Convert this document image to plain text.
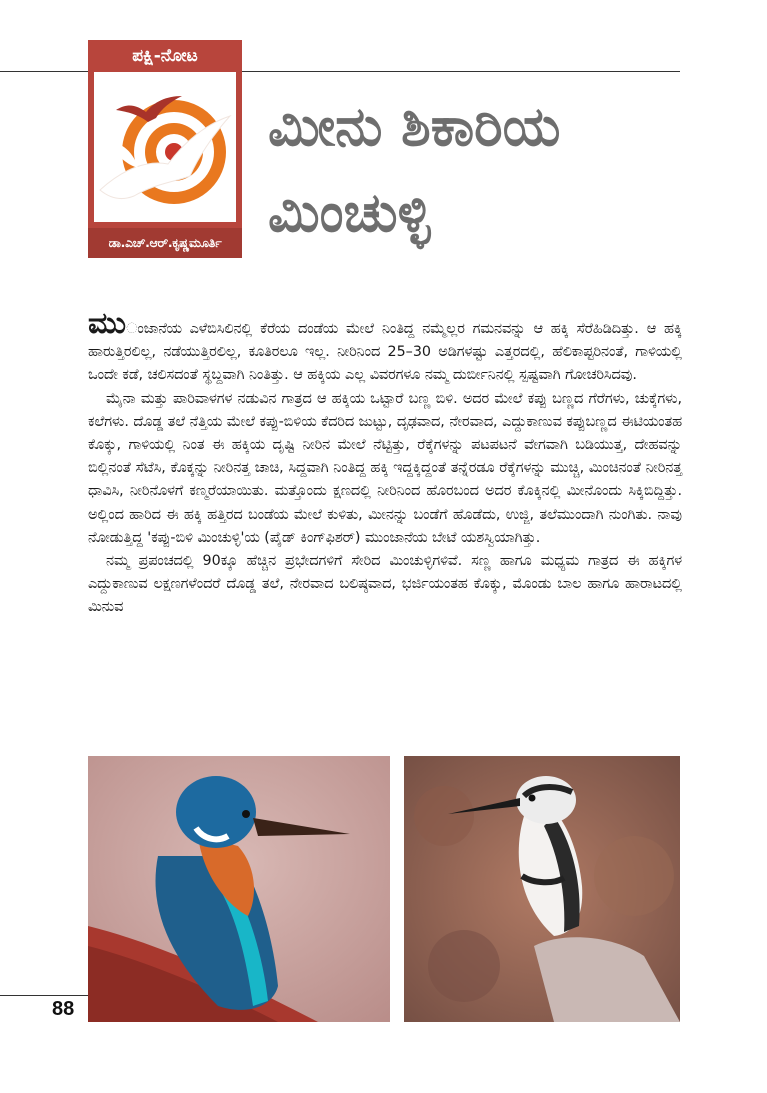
ಪಕ್ಷಿ-ನೋಟ
ಡಾ.ಎಚ್.ಆರ್.ಕೃಷ್ಣಮೂರ್ತಿ
ಮೀನು ಶಿಕಾರಿಯ
ಮಿಂಚುಳ್ಳಿ

ಮುಂಜಾನೆಯ ಎಳೆಬಿಸಿಲಿನಲ್ಲಿ ಕೆರೆಯ ದಂಡೆಯ ಮೇಲೆ ನಿಂತಿದ್ದ ನಮ್ಮೆಲ್ಲರ ಗಮನವನ್ನು ಆ ಹಕ್ಕಿ ಸೆರೆಹಿಡಿದಿತ್ತು. ಆ ಹಕ್ಕಿ ಹಾರುತ್ತಿರಲಿಲ್ಲ, ನಡೆಯುತ್ತಿರಲಿಲ್ಲ, ಕೂತಿರಲೂ ಇಲ್ಲ. ನೀರಿನಿಂದ 25–30 ಅಡಿಗಳಷ್ಟು ಎತ್ತರದಲ್ಲಿ, ಹೆಲಿಕಾಪ್ಟರಿನಂತೆ, ಗಾಳಿಯಲ್ಲಿ ಒಂದೇ ಕಡೆ, ಚಲಿಸದಂತೆ ಸ್ಥಬ್ದವಾಗಿ ನಿಂತಿತ್ತು. ಆ ಹಕ್ಕಿಯ ಎಲ್ಲ ವಿವರಗಳೂ ನಮ್ಮ ದುರ್ಬೀನಿನಲ್ಲಿ ಸ್ಪಷ್ಟವಾಗಿ ಗೋಚರಿಸಿದವು.

ಮೈನಾ ಮತ್ತು ಪಾರಿವಾಳಗಳ ನಡುವಿನ ಗಾತ್ರದ ಆ ಹಕ್ಕಿಯ ಒಟ್ಟಾರೆ ಬಣ್ಣ ಬಿಳಿ. ಅದರ ಮೇಲೆ ಕಪ್ಪು ಬಣ್ಣದ ಗೆರೆಗಳು, ಚುಕ್ಕೆಗಳು, ಕಲೆಗಳು. ದೊಡ್ಡ ತಲೆ ನೆತ್ತಿಯ ಮೇಲೆ ಕಪ್ಪು-ಬಿಳಿಯ ಕೆದರಿದ ಜುಟ್ಟು, ದೃಢವಾದ, ನೇರವಾದ, ಎದ್ದುಕಾಣುವ ಕಪ್ಪುಬಣ್ಣದ ಈಟಿಯಂತಹ ಕೊಕ್ಕು, ಗಾಳಿಯಲ್ಲಿ ನಿಂತ ಈ ಹಕ್ಕಿಯ ದೃಷ್ಟಿ ನೀರಿನ ಮೇಲೆ ನೆಟ್ಟಿತ್ತು, ರೆಕ್ಕೆಗಳನ್ನು ಪಟಪಟನೆ ವೇಗವಾಗಿ ಬಡಿಯುತ್ತ, ದೇಹವನ್ನು ಬಿಲ್ಲಿನಂತೆ ಸೆಟೆಸಿ, ಕೊಕ್ಕನ್ನು ನೀರಿನತ್ತ ಚಾಚಿ, ಸಿದ್ದವಾಗಿ ನಿಂತಿದ್ದ ಹಕ್ಕಿ ಇದ್ದಕ್ಕಿದ್ದಂತೆ ತನ್ನೆರಡೂ ರೆಕ್ಕೆಗಳನ್ನು ಮುಚ್ಚಿ, ಮಿಂಚಿನಂತೆ ನೀರಿನತ್ತ ಧಾವಿಸಿ, ನೀರಿನೊಳಗೆ ಕಣ್ಮರೆಯಾಯಿತು. ಮತ್ತೊಂದು ಕ್ಷಣದಲ್ಲಿ ನೀರಿನಿಂದ ಹೊರಬಂದ ಅದರ ಕೊಕ್ಕಿನಲ್ಲಿ ಮೀನೊಂದು ಸಿಕ್ಕಿಬಿದ್ದಿತ್ತು. ಅಲ್ಲಿಂದ ಹಾರಿದ ಈ ಹಕ್ಕಿ ಹತ್ತಿರದ ಬಂಡೆಯ ಮೇಲೆ ಕುಳಿತು, ಮೀನನ್ನು ಬಂಡೆಗೆ ಹೊಡೆದು, ಉಜ್ಜಿ, ತಲೆಮುಂದಾಗಿ ನುಂಗಿತು. ನಾವು ನೋಡುತ್ತಿದ್ದ 'ಕಪ್ಪು-ಬಿಳಿ ಮಿಂಚುಳ್ಳಿ'ಯ (ಪೈಡ್ ಕಿಂಗ್‌ಫಿಶರ್) ಮುಂಜಾನೆಯ ಬೇಟೆ ಯಶಸ್ವಿಯಾಗಿತ್ತು.

ನಮ್ಮ ಪ್ರಪಂಚದಲ್ಲಿ 90ಕ್ಕೂ ಹೆಚ್ಚಿನ ಪ್ರಭೇದಗಳಿಗೆ ಸೇರಿದ ಮಿಂಚುಳ್ಳಿಗಳಿವೆ. ಸಣ್ಣ ಹಾಗೂ ಮಧ್ಯಮ ಗಾತ್ರದ ಈ ಹಕ್ಕಿಗಳ ಎದ್ದುಕಾಣುವ ಲಕ್ಷಣಗಳೆಂದರೆ ದೊಡ್ಡ ತಲೆ, ನೇರವಾದ ಬಲಿಷ್ಠವಾದ, ಭರ್ಜಿಯಂತಹ ಕೊಕ್ಕು, ಮೊಂಡು ಬಾಲ ಹಾಗೂ ಹಾರಾಟದಲ್ಲಿ ಮಿನುವ

88
